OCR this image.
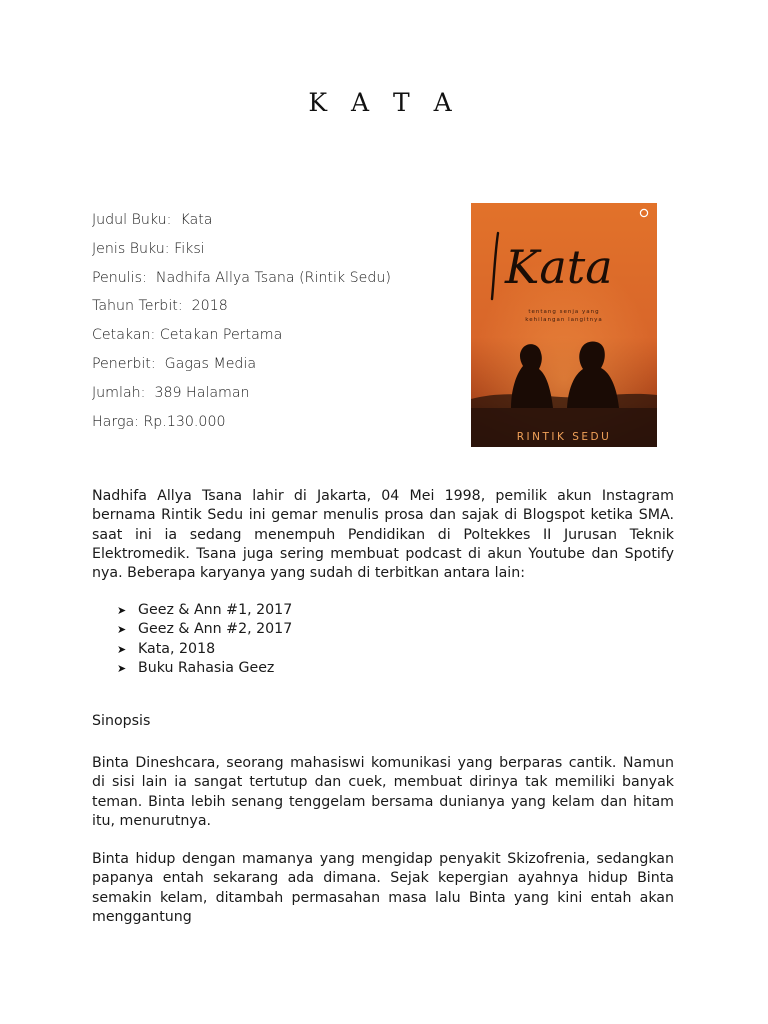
K A T A
Judul Buku: Kata
Jenis Buku: Fiksi
Penulis: Nadhifa Allya Tsana (Rintik Sedu)
Tahun Terbit: 2018
Cetakan: Cetakan Pertama
Penerbit: Gagas Media
Jumlah: 389 Halaman
Harga: Rp.130.000
Kata
tentang senja yang
kehilangan langitnya
RINTIK SEDU
Nadhifa Allya Tsana lahir di Jakarta, 04 Mei 1998, pemilik akun Instagram bernama Rintik Sedu ini gemar menulis prosa dan sajak di Blogspot ketika SMA. saat ini ia sedang menempuh Pendidikan di Poltekkes II Jurusan Teknik Elektromedik. Tsana juga sering membuat podcast di akun Youtube dan Spotify nya. Beberapa karyanya yang sudah di terbitkan antara lain:
➤ Geez & Ann #1, 2017
➤ Geez & Ann #2, 2017
➤ Kata, 2018
➤ Buku Rahasia Geez
Sinopsis
Binta Dineshcara, seorang mahasiswi komunikasi yang berparas cantik. Namun di sisi lain ia sangat tertutup dan cuek, membuat dirinya tak memiliki banyak teman. Binta lebih senang tenggelam bersama dunianya yang kelam dan hitam itu, menurutnya.
Binta hidup dengan mamanya yang mengidap penyakit Skizofrenia, sedangkan papanya entah sekarang ada dimana. Sejak kepergian ayahnya hidup Binta semakin kelam, ditambah permasahan masa lalu Binta yang kini entah akan menggantung
